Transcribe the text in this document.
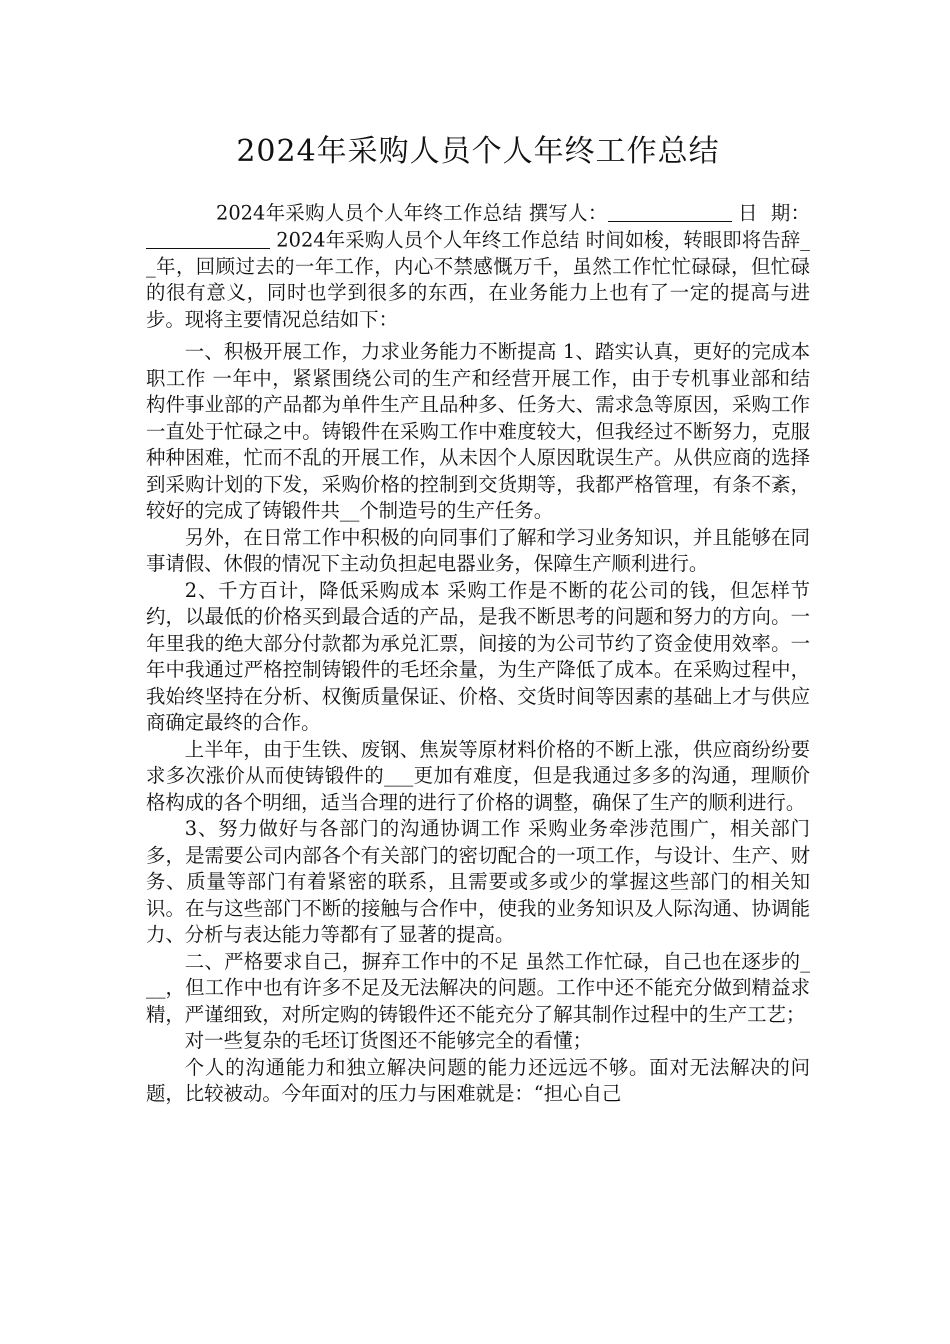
2024年采购人员个人年终工作总结

2024年采购人员个人年终工作总结 撰写人：	日  期： 2024年采购人员个人年终工作总结 时间如梭，转眼即将告辞__年，回顾过去的一年工作，内心不禁感慨万千，虽然工作忙忙碌碌，但忙碌的很有意义，同时也学到很多的东西，在业务能力上也有了一定的提高与进步。现将主要情况总结如下：

一、积极开展工作，力求业务能力不断提高 1、踏实认真，更好的完成本职工作 一年中，紧紧围绕公司的生产和经营开展工作，由于专机事业部和结构件事业部的产品都为单件生产且品种多、任务大、需求急等原因，采购工作一直处于忙碌之中。铸锻件在采购工作中难度较大，但我经过不断努力，克服种种困难，忙而不乱的开展工作，从未因个人原因耽误生产。从供应商的选择到采购计划的下发，采购价格的控制到交货期等，我都严格管理，有条不紊，较好的完成了铸锻件共__个制造号的生产任务。

另外，在日常工作中积极的向同事们了解和学习业务知识，并且能够在同事请假、休假的情况下主动负担起电器业务，保障生产顺利进行。

2、千方百计，降低采购成本 采购工作是不断的花公司的钱，但怎样节约，以最低的价格买到最合适的产品，是我不断思考的问题和努力的方向。一年里我的绝大部分付款都为承兑汇票，间接的为公司节约了资金使用效率。一年中我通过严格控制铸锻件的毛坯余量，为生产降低了成本。在采购过程中，我始终坚持在分析、权衡质量保证、价格、交货时间等因素的基础上才与供应商确定最终的合作。

上半年，由于生铁、废钢、焦炭等原材料价格的不断上涨，供应商纷纷要求多次涨价从而使铸锻件的___更加有难度，但是我通过多多的沟通，理顺价格构成的各个明细，适当合理的进行了价格的调整，确保了生产的顺利进行。

3、努力做好与各部门的沟通协调工作 采购业务牵涉范围广，相关部门多，是需要公司内部各个有关部门的密切配合的一项工作，与设计、生产、财务、质量等部门有着紧密的联系，且需要或多或少的掌握这些部门的相关知识。在与这些部门不断的接触与合作中，使我的业务知识及人际沟通、协调能力、分析与表达能力等都有了显著的提高。

二、严格要求自己，摒弃工作中的不足 虽然工作忙碌，自己也在逐步的___，但工作中也有许多不足及无法解决的问题。工作中还不能充分做到精益求精，严谨细致，对所定购的铸锻件还不能充分了解其制作过程中的生产工艺；

对一些复杂的毛坯订货图还不能够完全的看懂；

个人的沟通能力和独立解决问题的能力还远远不够。面对无法解决的问题，比较被动。今年面对的压力与困难就是：“担心自己
